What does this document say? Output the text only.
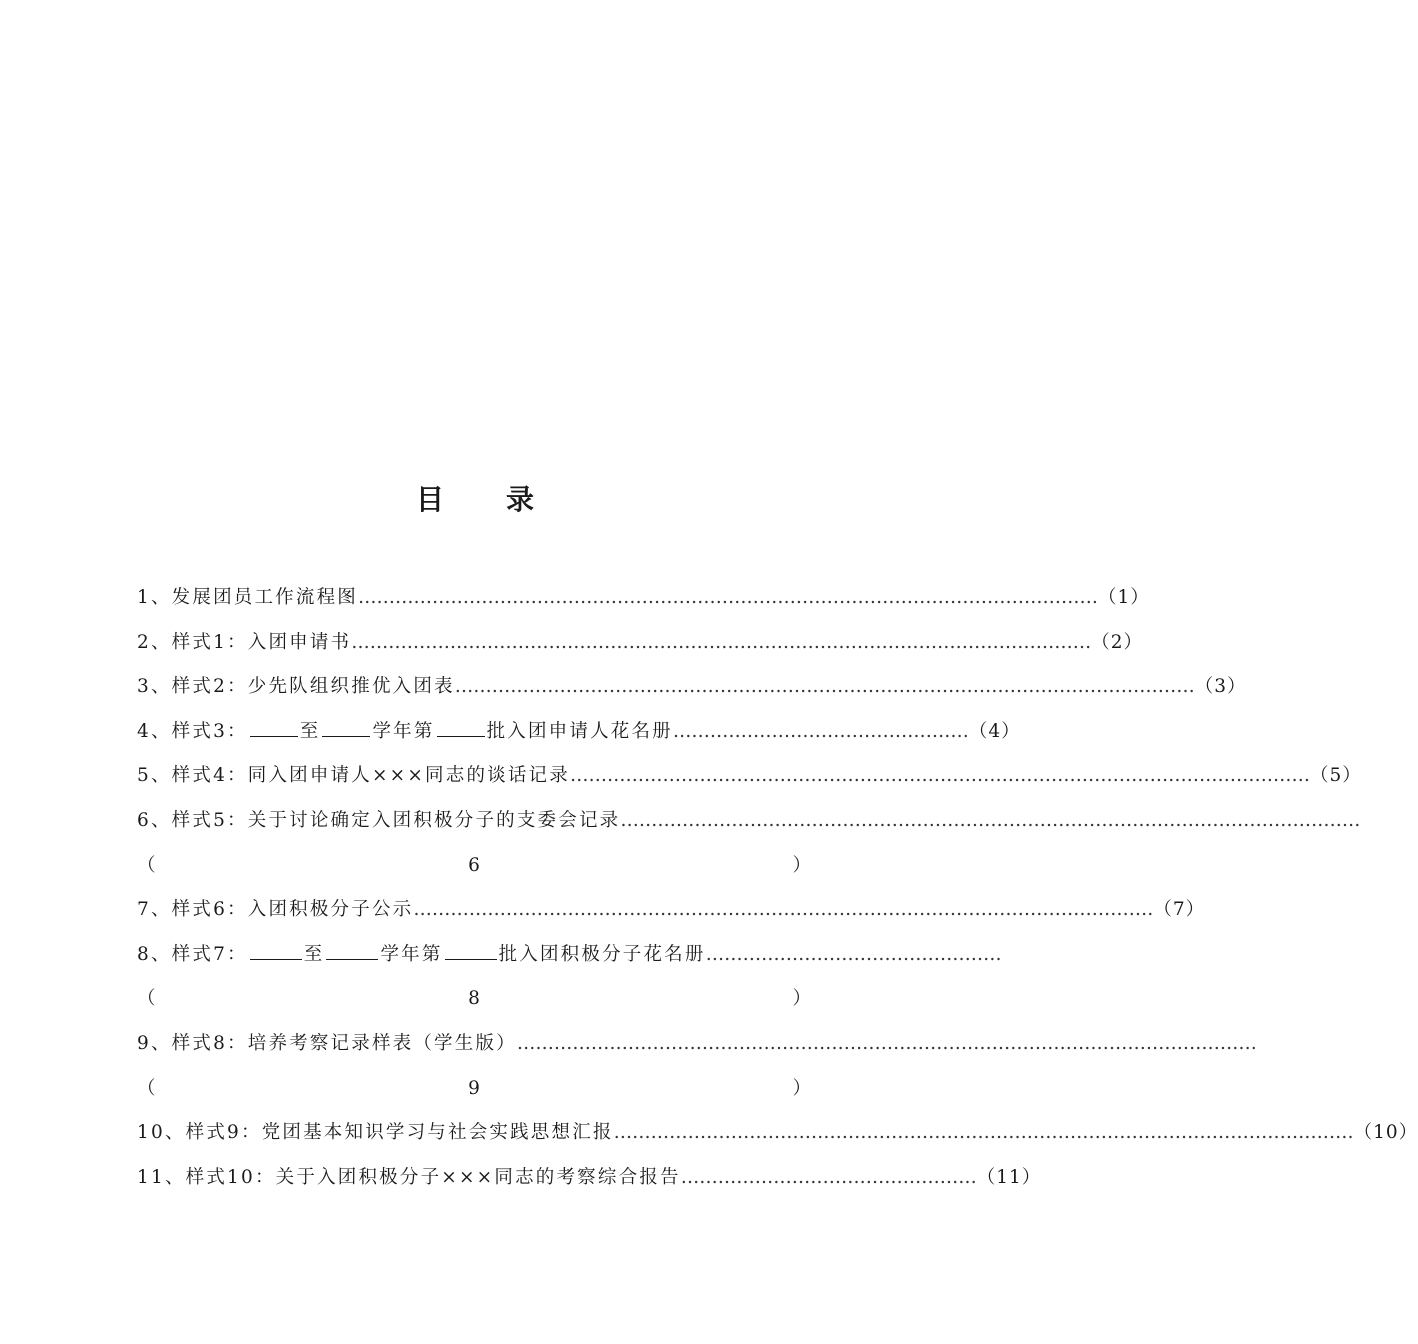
目 录
1、发展团员工作流程图 ………………………………………………………………………………………………………… （1）
2、样式1：入团申请书 ………………………………………………………………………………………………………… （2）
3、样式2：少先队组织推优入团表 ………………………………………………………………………………………………………… （3）
4、样式3：	至	学年第	批入团申请人花名册 ………………………………………… （4）
5、样式4：同入团申请人×××同志的谈话记录 ………………………………………………………………………………………………………… （5）
6、样式5：关于讨论确定入团积极分子的支委会记录 …………………………………………………………………………………………………………
（	6	）
7、样式6：入团积极分子公示 ………………………………………………………………………………………………………… （7）
8、样式7：	至	学年第	批入团积极分子花名册 …………………………………………
（	8	）
9、样式8：培养考察记录样表（学生版） …………………………………………………………………………………………………………
（	9	）
10、样式9：党团基本知识学习与社会实践思想汇报 ………………………………………………………………………………………………………… （10）
11、样式10：关于入团积极分子×××同志的考察综合报告 ………………………………………… （11）
